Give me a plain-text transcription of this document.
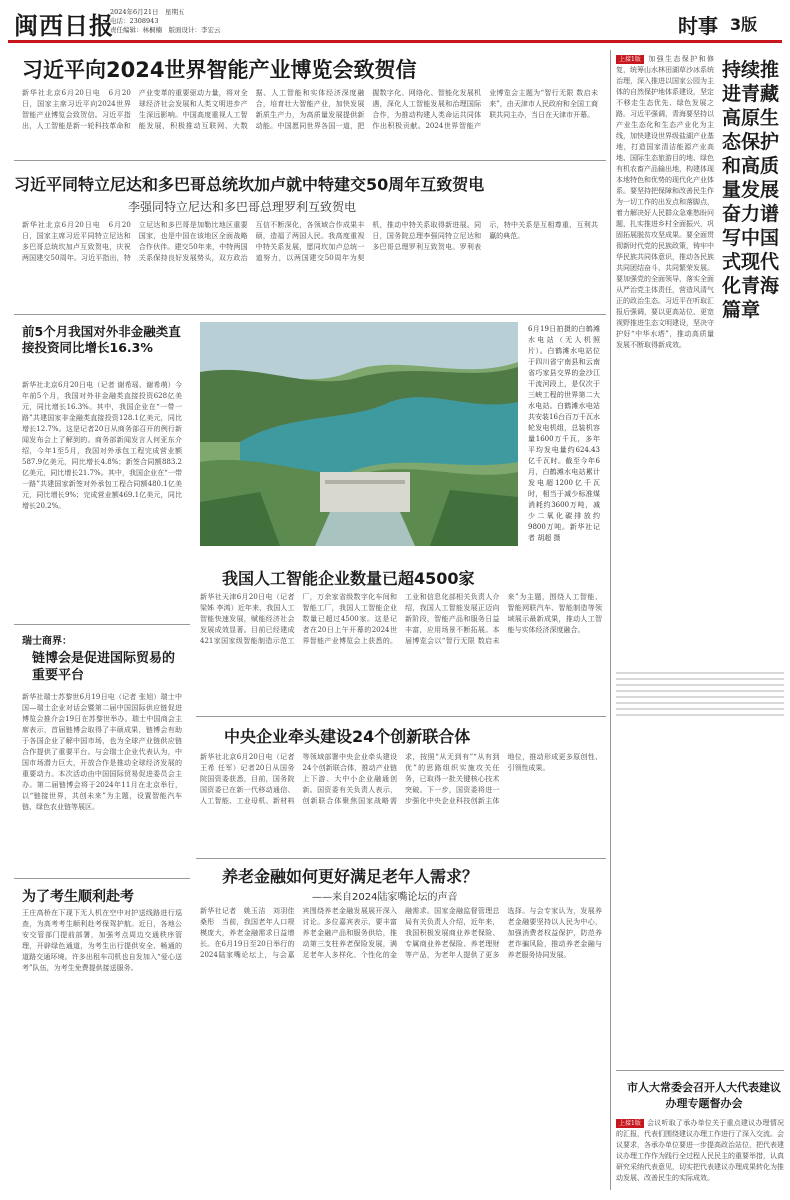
闽西日报
2024年6月21日　星期五
电话：2308943
责任编辑：林桐楠　版面设计：李宏云	时事 3版
习近平向2024世界智能产业博览会致贺信
新华社北京6月20日电　6月20日，国家主席习近平向2024世界智能产业博览会致贺信。习近平指出，人工智能是新一轮科技革命和产业变革的重要驱动力量，将对全球经济社会发展和人类文明进步产生深远影响。中国高度重视人工智能发展，积极推动互联网、大数据、人工智能和实体经济深度融合，培育壮大智能产业，加快发展新质生产力，为高质量发展提供新动能。中国愿同世界各国一道，把握数字化、网络化、智能化发展机遇，深化人工智能发展和治理国际合作，为推动构建人类命运共同体作出积极贡献。2024世界智能产业博览会主题为“智行无限 数启未来”，由天津市人民政府和全国工商联共同主办，当日在天津市开幕。
习近平同特立尼达和多巴哥总统坎加卢就中特建交50周年互致贺电
李强同特立尼达和多巴哥总理罗利互致贺电
新华社北京6月20日电　6月20日，国家主席习近平同特立尼达和多巴哥总统坎加卢互致贺电，庆祝两国建交50周年。习近平指出，特立尼达和多巴哥是加勒比地区重要国家，也是中国在该地区全面战略合作伙伴。建交50年来，中特两国关系保持良好发展势头，双方政治互信不断深化，各领域合作成果丰硕，造福了两国人民。我高度重视中特关系发展，愿同坎加卢总统一道努力，以两国建交50周年为契机，推动中特关系取得新进展。同日，国务院总理李强同特立尼达和多巴哥总理罗利互致贺电。罗利表示，特中关系是互相尊重、互利共赢的典范。
前5个月我国对外非金融类直接投资同比增长16.3%
新华社北京6月20日电（记者 谢希瑶、谢希萌）今年前5个月，我国对外非金融类直接投资628亿美元，同比增长16.3%。其中，我国企业在“一带一路”共建国家非金融类直接投资128.1亿美元，同比增长12.7%。这是记者20日从商务部召开的例行新闻发布会上了解到的。商务部新闻发言人何亚东介绍，今年1至5月，我国对外承包工程完成营业额587.9亿美元，同比增长4.8%；新签合同额883.2亿美元，同比增长21.7%。其中，我国企业在“一带一路”共建国家新签对外承包工程合同额480.1亿美元，同比增长9%；完成营业额469.1亿美元，同比增长20.2%。
瑞士商界：
链博会是促进国际贸易的重要平台
新华社瑞士苏黎世6月19日电（记者 张旭）瑞士中国—瑞士企业对话会暨第二届中国国际供应链促进博览会推介会19日在苏黎世举办。瑞士中国商会主席表示，首届链博会取得了丰硕成果，链博会有助于各国企业了解中国市场，也为全球产业链供应链合作提供了重要平台。与会瑞士企业代表认为，中国市场潜力巨大，开放合作是推动全球经济发展的重要动力。本次活动由中国国际贸易促进委员会主办。第二届链博会将于2024年11月在北京举行，以“链接世界，共创未来”为主题，设置智能汽车链、绿色农业链等展区。
为了考生顺利赴考
王庄高桥在下现下无人机在空中对护送线路进行巡查，为高考考生顺利赴考保驾护航。近日，各地公安交管部门提前部署，加强考点周边交通秩序管理，开辟绿色通道，为考生出行提供安全、畅通的道路交通环境。许多出租车司机也自发加入“爱心送考”队伍，为考生免费提供接送服务。
6月19日拍摄的白鹤滩水电站（无人机照片）。白鹤滩水电站位于四川省宁南县和云南省巧家县交界的金沙江干流河段上，是仅次于三峡工程的世界第二大水电站。白鹤滩水电站共安装16台百万千瓦水轮发电机组，总装机容量1600万千瓦，多年平均发电量约624.43亿千瓦时。截至今年6月，白鹤滩水电站累计发电超1200亿千瓦时，相当于减少标准煤消耗约3600万吨，减少二氧化碳排放约9800万吨。新华社记者 胡超 摄
我国人工智能企业数量已超4500家
新华社天津6月20日电（记者 梁姊 李鸿）近年来，我国人工智能快速发展，赋能经济社会发展成效显著。目前已经建成421家国家级智能制造示范工厂，万余家省级数字化车间和智能工厂，我国人工智能企业数量已超过4500家。这是记者在20日上午开幕的2024世界智能产业博览会上获悉的。工业和信息化部相关负责人介绍，我国人工智能发展正迈向新阶段，智能产品和服务日益丰富，应用场景不断拓展。本届博览会以“智行无限 数启未来”为主题，围绕人工智能、智能网联汽车、智能制造等领域展示最新成果，推动人工智能与实体经济深度融合。
中央企业牵头建设24个创新联合体
新华社北京6月20日电（记者 王希 任军）记者20日从国务院国资委获悉，目前，国务院国资委已在新一代移动通信、人工智能、工业母机、新材料等领域部署中央企业牵头建设24个创新联合体，推动产业链上下游、大中小企业融通创新。国资委有关负责人表示，创新联合体聚焦国家战略需求，按照“从无到有”“从有到优”的思路组织实施攻关任务，已取得一批关键核心技术突破。下一步，国资委将进一步强化中央企业科技创新主体地位，推动形成更多原创性、引领性成果。
养老金融如何更好满足老年人需求？
——来自2024陆家嘴论坛的声音
新华社记者　姚玉洁　刘羽佳　桑彤　当前，我国老年人口规模庞大，养老金融需求日益增长。在6月19日至20日举行的2024陆家嘴论坛上，与会嘉宾围绕养老金融发展展开深入讨论。多位嘉宾表示，要丰富养老金融产品和服务供给，推动第三支柱养老保险发展，满足老年人多样化、个性化的金融需求。国家金融监督管理总局有关负责人介绍，近年来，我国积极发展商业养老保险、专属商业养老保险、养老理财等产品，为老年人提供了更多选择。与会专家认为，发展养老金融要坚持以人民为中心，加强消费者权益保护，防范养老诈骗风险，推动养老金融与养老服务协同发展。
上接1版 加强生态保护和修复，统筹山水林田湖草沙冰系统治理，深入推进以国家公园为主体的自然保护地体系建设，坚定不移走生态优先、绿色发展之路。习近平强调，青海要坚持以产业生态化和生态产业化为主线，加快建设世界级盐湖产业基地，打造国家清洁能源产业高地、国际生态旅游目的地、绿色有机农畜产品输出地，构建体现本地特色和优势的现代化产业体系。要坚持把保障和改善民生作为一切工作的出发点和落脚点，着力解决好人民群众急难愁盼问题，扎实推进乡村全面振兴，巩固拓展脱贫攻坚成果。要全面贯彻新时代党的民族政策，铸牢中华民族共同体意识，推动各民族共同团结奋斗、共同繁荣发展。要加强党的全面领导，落实全面从严治党主体责任，营造风清气正的政治生态。习近平在听取汇报后强调，要以更高站位、更宽视野推进生态文明建设，坚决守护好“中华水塔”，推动高质量发展不断取得新成效。
持续推进青藏高原生态保护和高质量发展 奋力谱写中国式现代化青海篇章
市人大常委会召开人大代表建议办理专题督办会
上接1版 会议听取了承办单位关于重点建议办理情况的汇报，代表们围绕建议办理工作进行了深入交流。会议要求，各承办单位要进一步提高政治站位，把代表建议办理工作作为践行全过程人民民主的重要举措，认真研究采纳代表意见，切实把代表建议办理成果转化为推动发展、改善民生的实际成效。
